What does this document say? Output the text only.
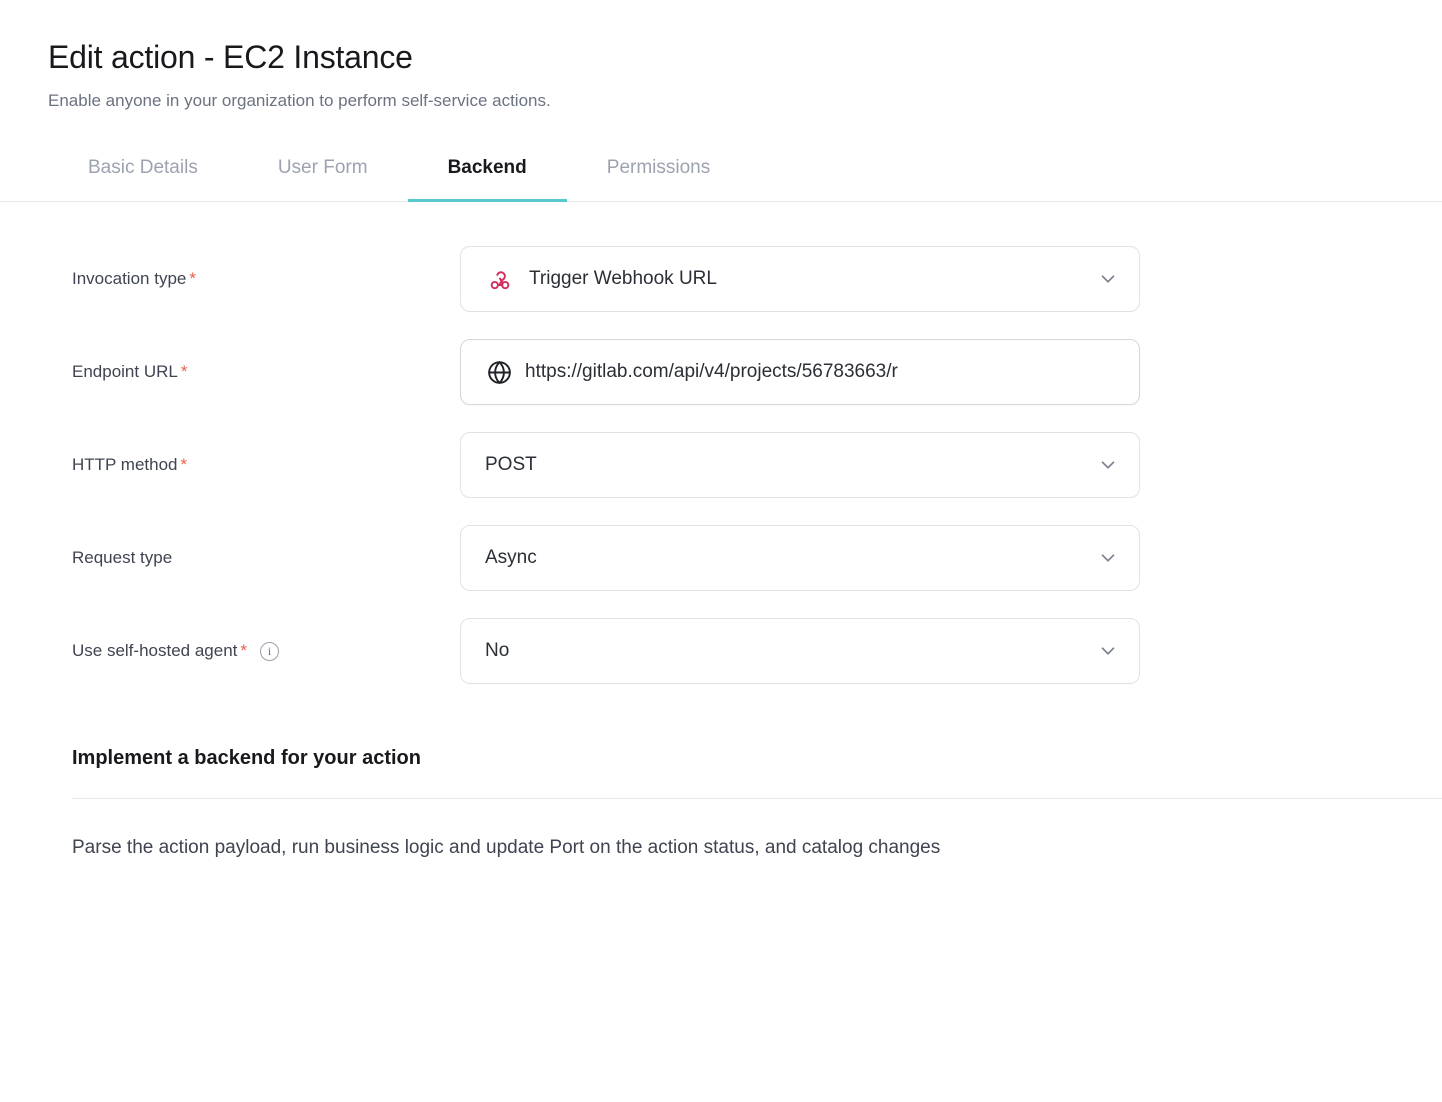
Edit action - EC2 Instance

Enable anyone in your organization to perform self-service actions.

Basic Details	User Form	Backend	Permissions
Invocation type *	Trigger Webhook URL
Endpoint URL *	https://gitlab.com/api/v4/projects/56783663/r
HTTP method *	POST
Request type	Async
Use self-hosted agent *	i	No
Implement a backend for your action
Parse the action payload, run business logic and update Port on the action status, and catalog changes
